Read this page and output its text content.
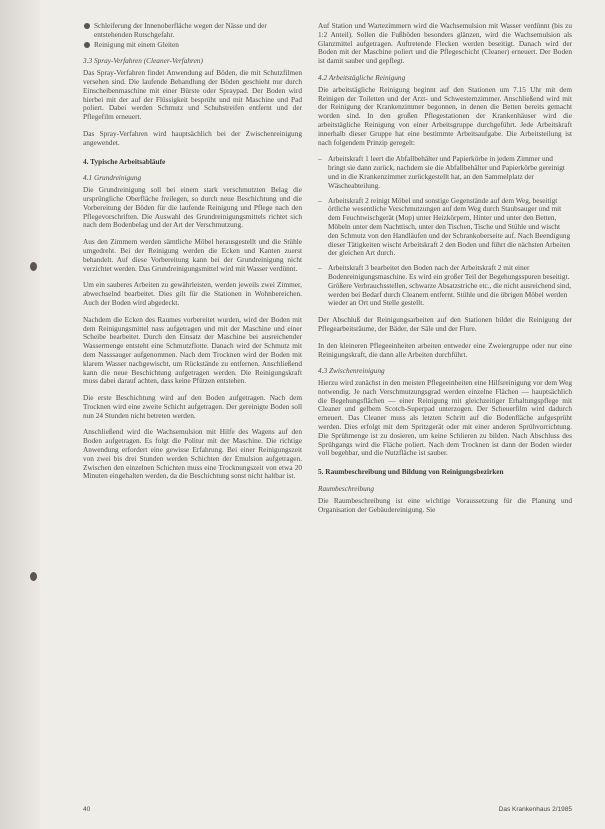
Schleiferung der Innenoberfläche wegen der Nässe und der entstehenden Rutschgefahr.
Reinigung mit einem Gleiten
3.3 Spray-Verfahren (Cleaner-Verfahren)

Das Spray-Verfahren findet Anwendung auf Böden, die mit Schutzfilmen versehen sind. Die laufende Behandlung der Böden geschieht nur durch Einscheibenmaschine mit einer Bürste oder Spraypad. Der Boden wird hierbei mit der auf der Flüssigkeit besprüht und mit Maschine und Pad poliert. Dabei werden Schmutz und Schuhstreifen entfernt und der Pflegefilm erneuert.

Das Spray-Verfahren wird hauptsächlich bei der Zwischenreinigung angewendet.

4. Typische Arbeitsabläufe
4.1 Grundreinigung

Die Grundreinigung soll bei einem stark verschmutzten Belag die ursprüngliche Oberfläche freilegen, so durch neue Beschichtung und die Vorbereitung der Böden für die laufende Reinigung und Pflege nach den Pflegevorschriften. Die Auswahl des Grundreinigungsmittels richtet sich nach dem Bodenbelag und der Art der Verschmutzung.

Aus den Zimmern werden sämtliche Möbel herausgestellt und die Stühle umgedreht. Bei der Reinigung werden die Ecken und Kanten zuerst behandelt. Auf diese Vorbereitung kann bei der Grundreinigung nicht verzichtet werden. Das Grundreinigungsmittel wird mit Wasser verdünnt.

Um ein sauberes Arbeiten zu gewährleisten, werden jeweils zwei Zimmer, abwechselnd bearbeitet. Dies gilt für die Stationen in Wohnbereichen. Auch der Boden wird abgedeckt.

Nachdem die Ecken des Raumes vorbereitet wurden, wird der Boden mit dem Reinigungsmittel nass aufgetragen und mit der Maschine und einer Scheibe bearbeitet. Durch den Einsatz der Maschine bei ausreichender Wassermenge entsteht eine Schmutzflotte. Danach wird der Schmutz mit dem Nasssauger aufgenommen. Nach dem Trocknen wird der Boden mit klarem Wasser nachgewischt, um Rückstände zu entfernen. Anschließend kann die neue Beschichtung aufgetragen werden. Die Reinigungskraft muss dabei darauf achten, dass keine Pfützen entstehen.

Die erste Beschichtung wird auf den Boden aufgetragen. Nach dem Trocknen wird eine zweite Schicht aufgetragen. Der gereinigte Boden soll nun 24 Stunden nicht betreten werden.

Anschließend wird die Wachsemulsion mit Hilfe des Wagens auf den Boden aufgetragen. Es folgt die Politur mit der Maschine. Die richtige Anwendung erfordert eine gewisse Erfahrung. Bei einer Reinigungszeit von zwei bis drei Stunden werden Schichten der Emulsion aufgetragen. Zwischen den einzelnen Schichten muss eine Trocknungszeit von etwa 20 Minuten eingehalten werden, da die Beschichtung sonst nicht haltbar ist.

Auf Station und Wartezimmern wird die Wachsemulsion mit Wasser verdünnt (bis zu 1:2 Anteil). Sollen die Fußböden besonders glänzen, wird die Wachsemulsion als Glanzmittel aufgetragen. Auftretende Flecken werden beseitigt. Danach wird der Boden mit der Maschine poliert und die Pflegeschicht (Cleaner) erneuert. Der Boden ist damit sauber und gepflegt.

4.2 Arbeitstägliche Reinigung

Die arbeitstägliche Reinigung beginnt auf den Stationen um 7.15 Uhr mit dem Reinigen der Toiletten und der Arzt- und Schwesternzimmer. Anschließend wird mit der Reinigung der Krankenzimmer begonnen, in denen die Betten bereits gemacht worden sind. In den großen Pflegestationen der Krankenhäuser wird die arbeitstägliche Reinigung von einer Arbeitsgruppe durchgeführt. Jede Arbeitskraft innerhalb dieser Gruppe hat eine bestimmte Arbeitsaufgabe. Die Arbeitsteilung ist nach folgendem Prinzip geregelt:

– Arbeitskraft 1 leert die Abfallbehälter und Papierkörbe in jedem Zimmer und bringt sie dann zurück, nachdem sie die Abfallbehälter und Papierkörbe gereinigt und in die Krankenzimmer zurückgestellt hat, an den Sammelplatz der Wäscheabteilung.
– Arbeitskraft 2 reinigt Möbel und sonstige Gegenstände auf dem Weg, beseitigt örtliche wesentliche Verschmutzungen auf dem Weg durch Staubsauger und mit dem Feuchtwischgerät (Mop) unter Heizkörpern, Hinter und unter den Betten, Möbeln unter dem Nachttisch, unter den Tischen, Tische und Stühle und wischt den Schmutz von den Handläufen und der Schrankoberseite auf. Nach Beendigung dieser Tätigkeiten wischt Arbeitskraft 2 den Boden und führt die nächsten Arbeiten der gleichen Art durch.
– Arbeitskraft 3 bearbeitet den Boden nach der Arbeitskraft 2 mit einer Bodenreinigungsmaschine. Es wird ein großer Teil der Begehungsspuren beseitigt. Größere Verbrauchsstellen, schwarze Absatzstriche etc., die nicht ausreichend sind, werden bei Bedarf durch Cleanern entfernt. Stühle und die übrigen Möbel werden wieder an Ort und Stelle gestellt.

Der Abschluß der Reinigungsarbeiten auf den Stationen bildet die Reinigung der Pflegearbeitsräume, der Bäder, der Säle und der Flure.

In den kleineren Pflegeeinheiten arbeiten entweder eine Zweiergruppe oder nur eine Reinigungskraft, die dann alle Arbeiten durchführt.

4.3 Zwischenreinigung

Hierzu wird zunächst in den meisten Pflegeeinheiten eine Hilfsreinigung vor dem Weg notwendig. Je nach Verschmutzungsgrad werden einzelne Flächen — hauptsächlich die Begehungsflächen — einer Reinigung mit gleichzeitiger Erhaltungspflege mit Cleaner und gelbem Scotch-Superpad unterzogen. Der Scheuerfilm wird dadurch erneuert. Das Cleaner muss als letzten Schritt auf die Bodenfläche aufgesprüht werden. Dies erfolgt mit dem Spritzgerät oder mit einer anderen Sprühvorrichtung. Die Sprühmenge ist zu dosieren, um keine Schlieren zu bilden. Nach Abschluss des Sprühgangs wird die Fläche poliert. Nach dem Trocknen ist dann der Boden wieder voll begehbar, und die Nutzfläche ist sauber.

5. Raumbeschreibung und Bildung von Reinigungsbezirken
Raumbeschreibung

Die Raumbeschreibung ist eine wichtige Voraussetzung für die Planung und Organisation der Gebäudereinigung. Sie

40	Das Krankenhaus 2/1985
